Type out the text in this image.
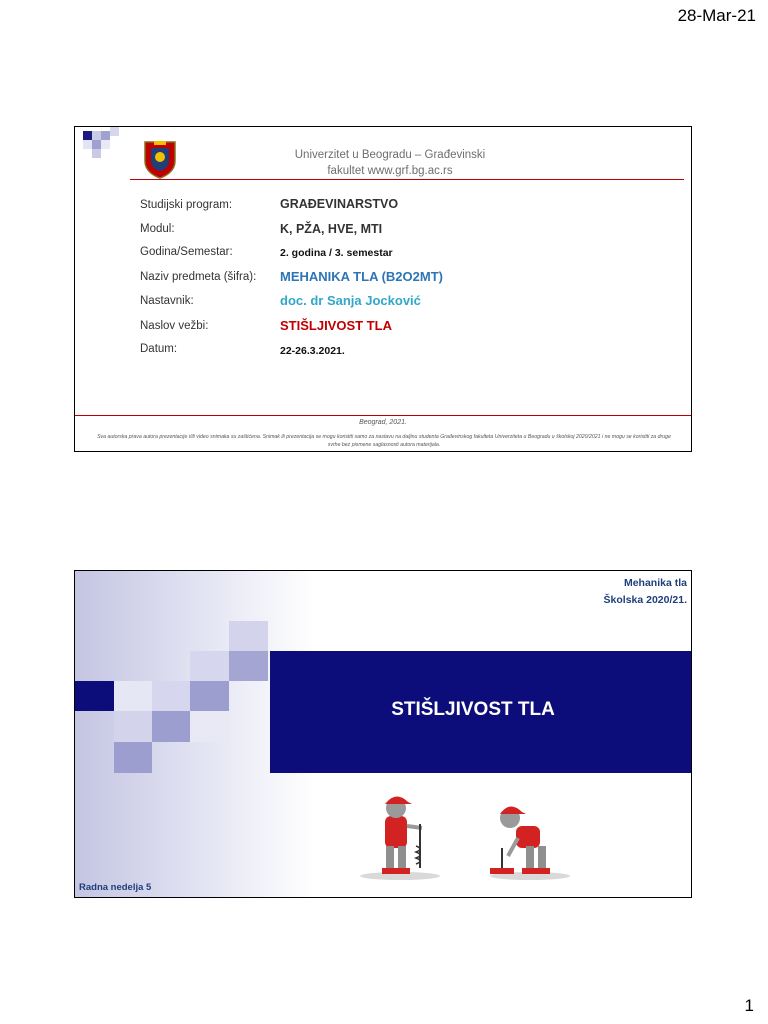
28-Mar-21
Univerzitet u Beogradu – Građevinski fakultet www.grf.bg.ac.rs
Studijski program:	GRAĐEVINARSTVO
Modul:	K, PŽA, HVE, MTI
Godina/Semestar:	2. godina / 3. semestar
Naziv predmeta (šifra): MEHANIKA TLA (B2O2MT)
Nastavnik:	doc. dr Sanja Jocković
Naslov vežbi:	STIŠLJIVOST TLA
Datum:	22-26.3.2021.
Beograd, 2021.
Sva autorska prava autora prezentacije i/ili video snimaka su zaštićena. Snimak ili prezentacija se mogu koristiti samo za nastavu na daljinu studenta Građevinskog fakulteta Univerziteta u Beogradu u školskoj 2020/2021 i ne mogu se koristiti za druge svrhe bez pismene saglasnosti autora materijala.
Mehanika tla
Školska 2020/21.
STIŠLJIVOST TLA
Radna nedelja 5
1
